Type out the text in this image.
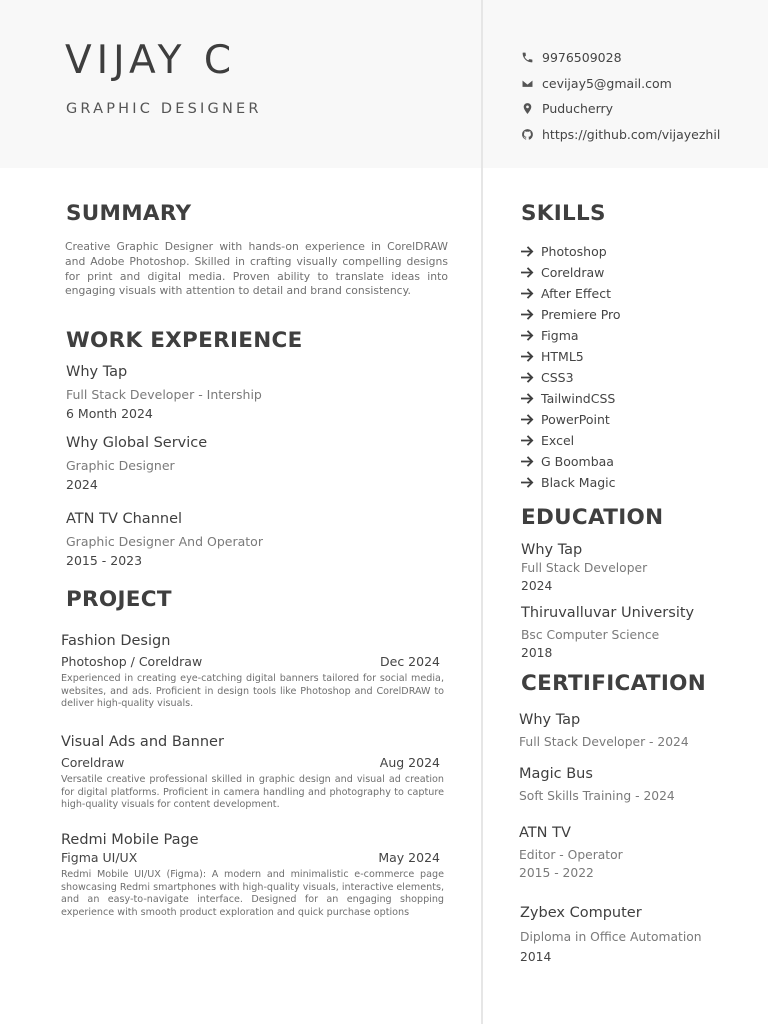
VIJAY C
GRAPHIC DESIGNER
9976509028
cevijay5@gmail.com
Puducherry
https://github.com/vijayezhil
SUMMARY
Creative Graphic Designer with hands-on experience in CorelDRAW and Adobe Photoshop. Skilled in crafting visually compelling designs for print and digital media. Proven ability to translate ideas into engaging visuals with attention to detail and brand consistency.
WORK EXPERIENCE
Why Tap
Full Stack Developer - Intership
6 Month 2024
Why Global Service
Graphic Designer
2024
ATN TV Channel
Graphic Designer And Operator
2015 - 2023
PROJECT
Fashion Design
Photoshop / Coreldraw	Dec 2024
Experienced in creating eye-catching digital banners tailored for social media, websites, and ads. Proficient in design tools like Photoshop and CorelDRAW to deliver high-quality visuals.
Visual Ads and Banner
Coreldraw	Aug 2024
Versatile creative professional skilled in graphic design and visual ad creation for digital platforms. Proficient in camera handling and photography to capture high-quality visuals for content development.
Redmi Mobile Page
Figma UI/UX	May 2024
Redmi Mobile UI/UX (Figma): A modern and minimalistic e-commerce page showcasing Redmi smartphones with high-quality visuals, interactive elements, and an easy-to-navigate interface. Designed for an engaging shopping experience with smooth product exploration and quick purchase options
SKILLS
Photoshop
Coreldraw
After Effect
Premiere Pro
Figma
HTML5
CSS3
TailwindCSS
PowerPoint
Excel
G Boombaa
Black Magic
EDUCATION
Why Tap
Full Stack Developer
2024
Thiruvalluvar University
Bsc Computer Science
2018
CERTIFICATION
Why Tap
Full Stack Developer - 2024
Magic Bus
Soft Skills Training - 2024
ATN TV
Editor - Operator
2015 - 2022
Zybex Computer
Diploma in Office Automation
2014
